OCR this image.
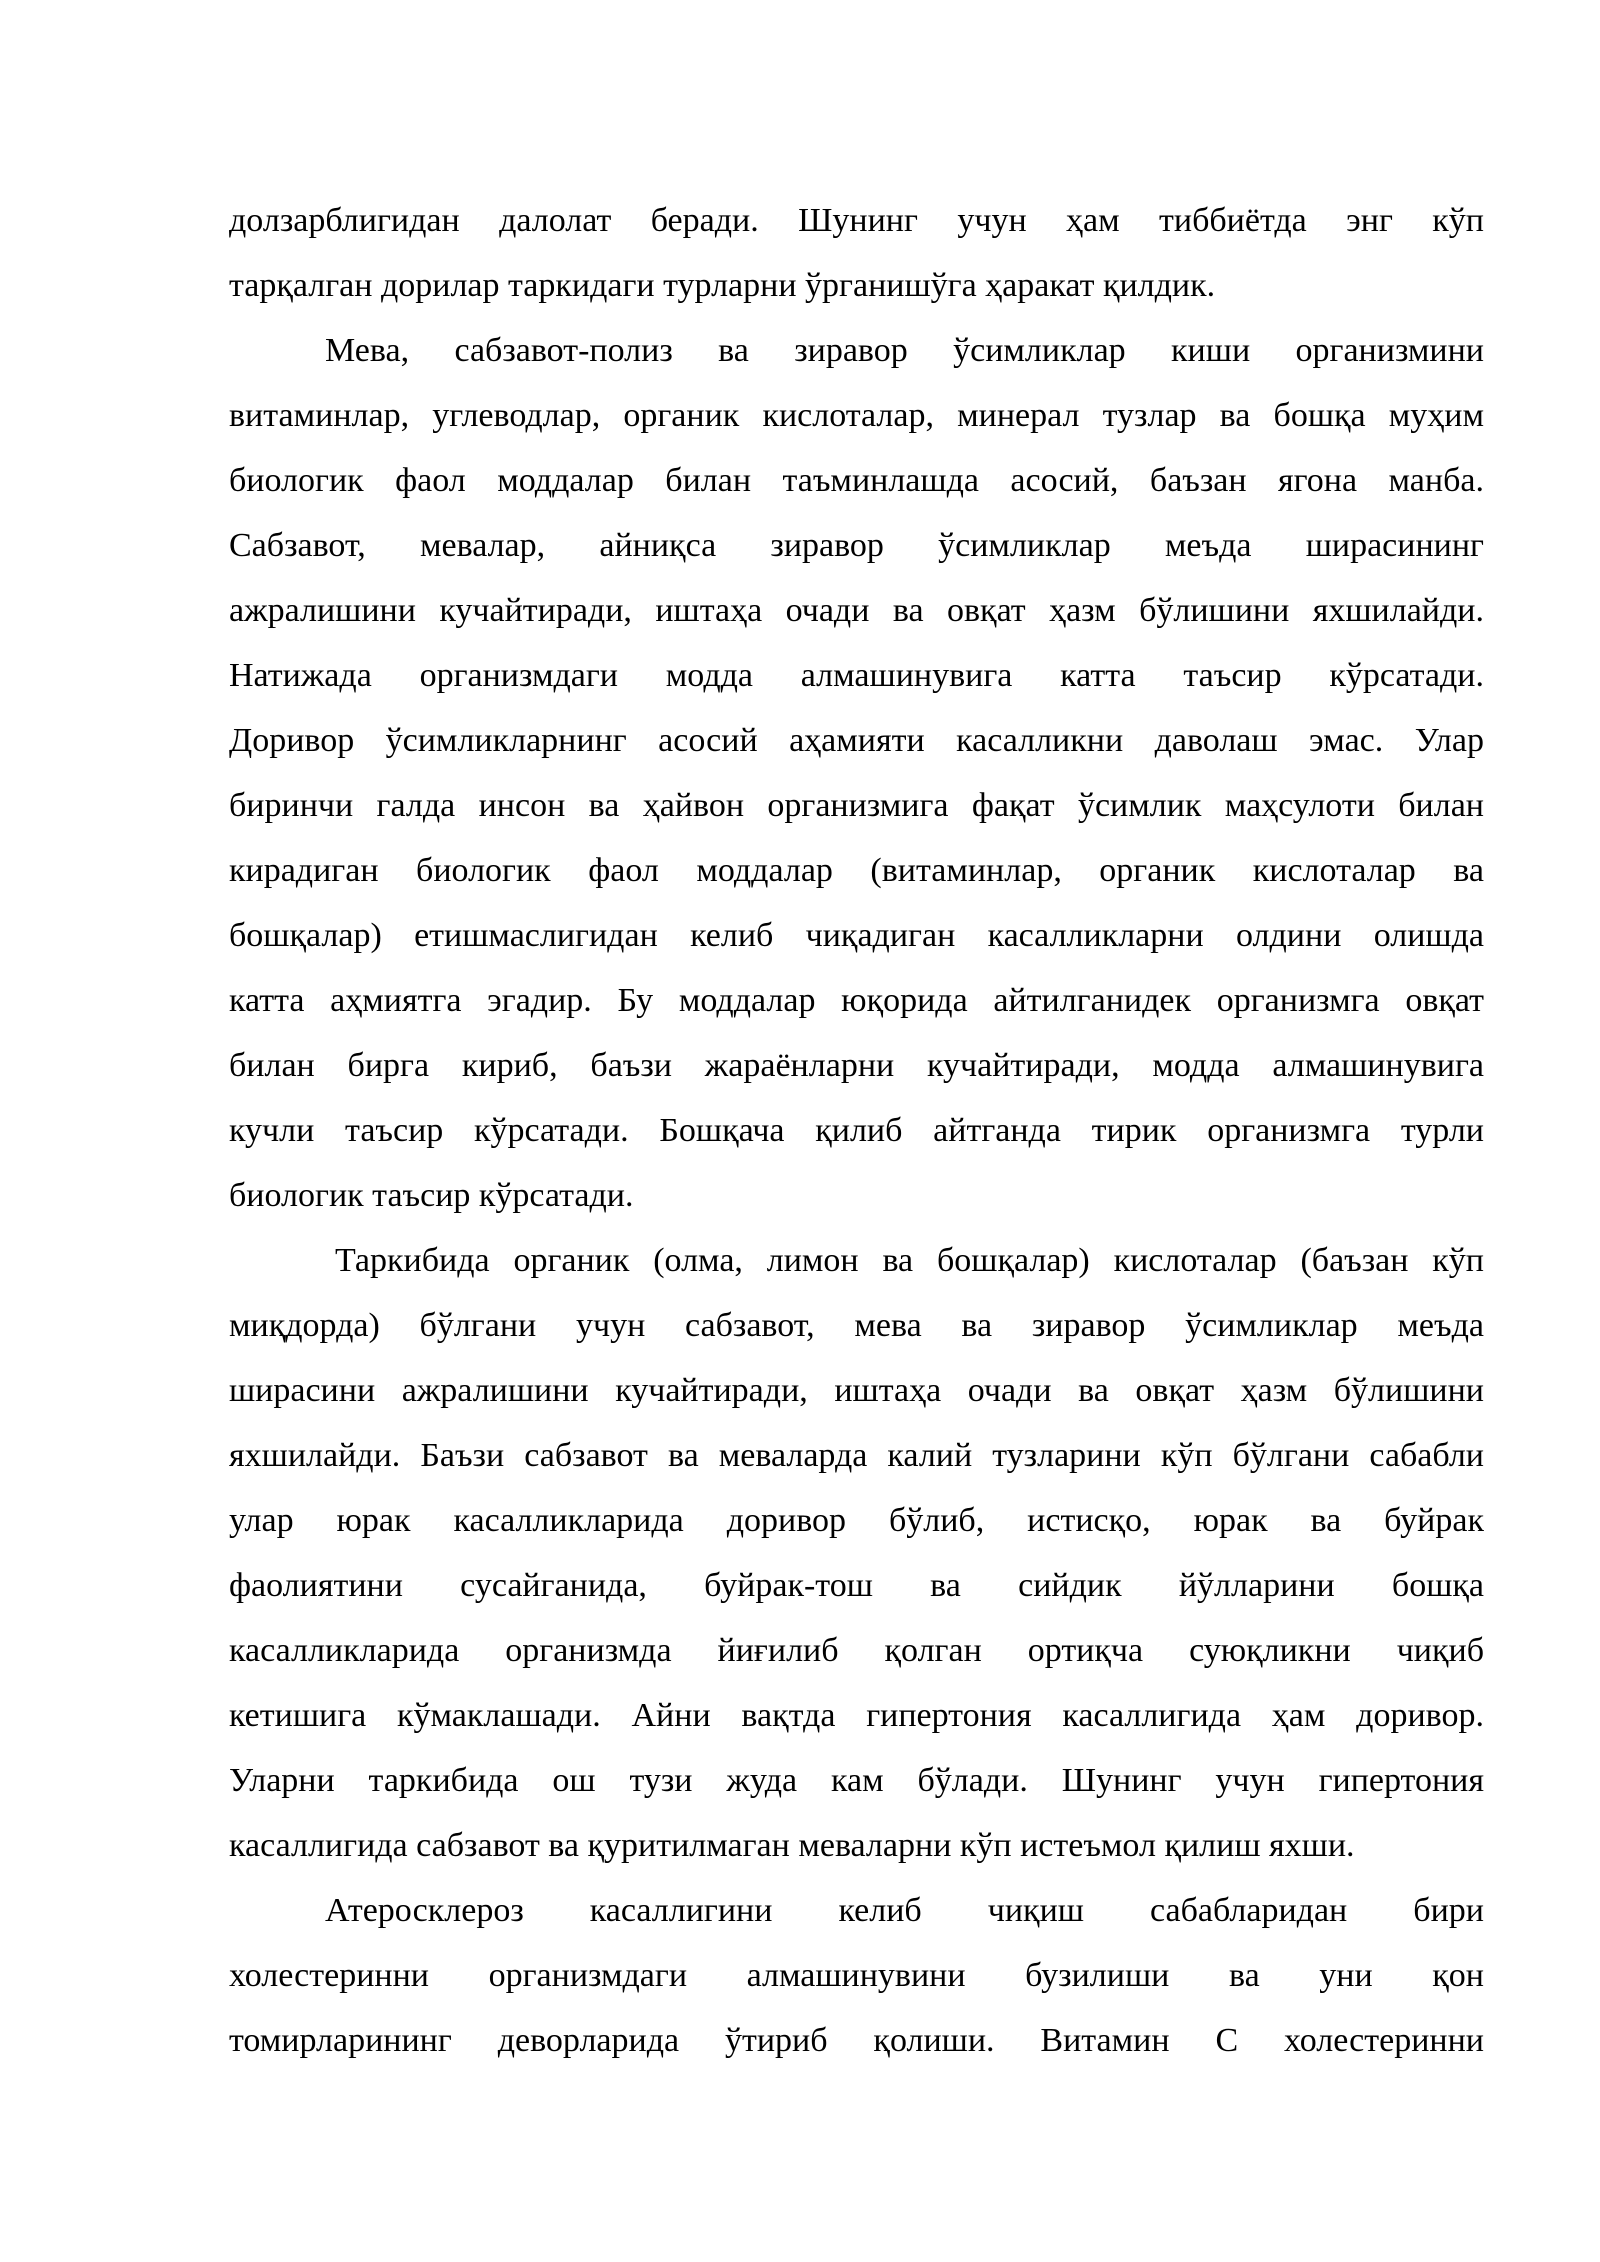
долзарблигидан далолат беради. Шунинг учун ҳам тиббиётда энг кўп
тарқалган дорилар таркидаги турларни ўрганишўга ҳаракат қилдик.
Мева, сабзавот-полиз ва зиравор ўсимликлар киши организмини
витаминлар, углеводлар, органик кислоталар, минерал тузлар ва бошқа муҳим
биологик фаол моддалар билан таъминлашда асосий, баъзан ягона манба.
Сабзавот, мевалар, айниқса зиравор ўсимликлар меъда ширасининг
ажралишини кучайтиради, иштаҳа очади ва овқат ҳазм бўлишини яхшилайди.
Натижада организмдаги модда алмашинувига катта таъсир кўрсатади.
Доривор ўсимликларнинг асосий аҳамияти касалликни даволаш эмас. Улар
биринчи галда инсон ва ҳайвон организмига фақат ўсимлик маҳсулоти билан
кирадиган биологик фаол моддалар (витаминлар, органик кислоталар ва
бошқалар) етишмаслигидан келиб чиқадиган касалликларни олдини олишда
катта аҳмиятга эгадир. Бу моддалар юқорида айтилганидек организмга овқат
билан бирга кириб, баъзи жараёнларни кучайтиради, модда алмашинувига
кучли таъсир кўрсатади. Бошқача қилиб айтганда тирик организмга турли
биологик таъсир кўрсатади.
Таркибида органик (олма, лимон ва бошқалар) кислоталар (баъзан кўп
миқдорда) бўлгани учун сабзавот, мева ва зиравор ўсимликлар меъда
ширасини ажралишини кучайтиради, иштаҳа очади ва овқат ҳазм бўлишини
яхшилайди. Баъзи сабзавот ва меваларда калий тузларини кўп бўлгани сабабли
улар юрак касалликларида доривор бўлиб, истисқо, юрак ва буйрак
фаолиятини сусайганида, буйрак-тош ва сийдик йўлларини бошқа
касалликларида организмда йиғилиб қолган ортиқча суюқликни чиқиб
кетишига кўмаклашади. Айни вақтда гипертония касаллигида ҳам доривор.
Уларни таркибида ош тузи жуда кам бўлади. Шунинг учун гипертония
касаллигида сабзавот ва қуритилмаган меваларни кўп истеъмол қилиш яхши.
Атеросклероз касаллигини келиб чиқиш сабабларидан бири
холестеринни организмдаги алмашинувини бузилиши ва уни қон
томирларининг деворларида ўтириб қолиши. Витамин С холестеринни
